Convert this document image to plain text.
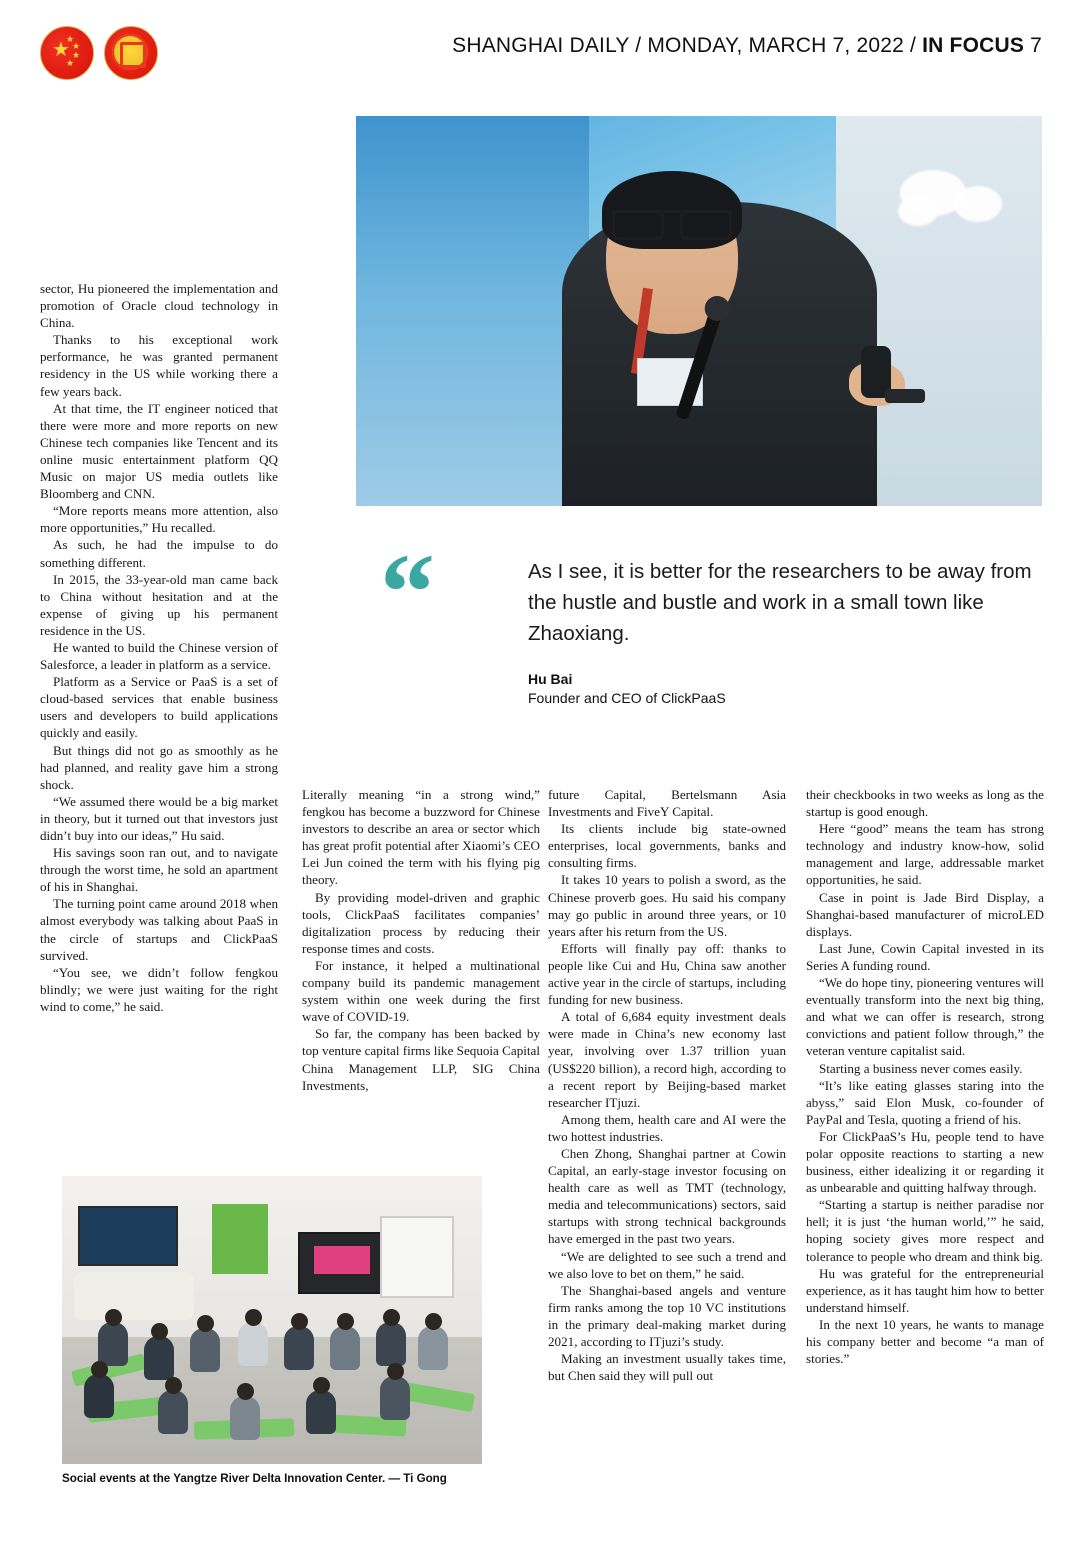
★
★
★
★
★
SHANGHAI DAILY / MONDAY, MARCH 7, 2022 / IN FOCUS 7
“	As I see, it is better for the researchers to be away from the hustle and bustle and work in a small town like Zhaoxiang.
Hu Bai
Founder and CEO of ClickPaaS

sector, Hu pioneered the implementation and promotion of Oracle cloud technology in China.

Thanks to his exceptional work performance, he was granted permanent residency in the US while working there a few years back.

At that time, the IT engineer noticed that there were more and more reports on new Chinese tech companies like Tencent and its online music entertainment platform QQ Music on major US media outlets like Bloomberg and CNN.

“More reports means more attention, also more opportunities,” Hu recalled.

As such, he had the impulse to do something different.

In 2015, the 33-year-old man came back to China without hesitation and at the expense of giving up his permanent residence in the US.

He wanted to build the Chinese version of Salesforce, a leader in platform as a service.

Platform as a Service or PaaS is a set of cloud-based services that enable business users and developers to build applications quickly and easily.

But things did not go as smoothly as he had planned, and reality gave him a strong shock.

“We assumed there would be a big market in theory, but it turned out that investors just didn’t buy into our ideas,” Hu said.

His savings soon ran out, and to navigate through the worst time, he sold an apartment of his in Shanghai.

The turning point came around 2018 when almost everybody was talking about PaaS in the circle of startups and ClickPaaS survived.

“You see, we didn’t follow fengkou blindly; we were just waiting for the right wind to come,” he said.

Literally meaning “in a strong wind,” fengkou has become a buzzword for Chinese investors to describe an area or sector which has great profit potential after Xiaomi’s CEO Lei Jun coined the term with his flying pig theory.

By providing model-driven and graphic tools, ClickPaaS facilitates companies’ digitalization process by reducing their response times and costs.

For instance, it helped a multinational company build its pandemic management system within one week during the first wave of COVID-19.

So far, the company has been backed by top venture capital firms like Sequoia Capital China Management LLP, SIG China Investments,

future Capital, Bertelsmann Asia Investments and FiveY Capital.

Its clients include big state-owned enterprises, local governments, banks and consulting firms.

It takes 10 years to polish a sword, as the Chinese proverb goes. Hu said his company may go public in around three years, or 10 years after his return from the US.

Efforts will finally pay off: thanks to people like Cui and Hu, China saw another active year in the circle of startups, including funding for new business.

A total of 6,684 equity investment deals were made in China’s new economy last year, involving over 1.37 trillion yuan (US$220 billion), a record high, according to a recent report by Beijing-based market researcher ITjuzi.

Among them, health care and AI were the two hottest industries.

Chen Zhong, Shanghai partner at Cowin Capital, an early-stage investor focusing on health care as well as TMT (technology, media and telecommunications) sectors, said startups with strong technical backgrounds have emerged in the past two years.

“We are delighted to see such a trend and we also love to bet on them,” he said.

The Shanghai-based angels and venture firm ranks among the top 10 VC institutions in the primary deal-making market during 2021, according to ITjuzi’s study.

Making an investment usually takes time, but Chen said they will pull out

their checkbooks in two weeks as long as the startup is good enough.

Here “good” means the team has strong technology and industry know-how, solid management and large, addressable market opportunities, he said.

Case in point is Jade Bird Display, a Shanghai-based manufacturer of microLED displays.

Last June, Cowin Capital invested in its Series A funding round.

“We do hope tiny, pioneering ventures will eventually transform into the next big thing, and what we can offer is research, strong convictions and patient follow through,” the veteran venture capitalist said.

Starting a business never comes easily.

“It’s like eating glasses staring into the abyss,” said Elon Musk, co-founder of PayPal and Tesla, quoting a friend of his.

For ClickPaaS’s Hu, people tend to have polar opposite reactions to starting a new business, either idealizing it or regarding it as unbearable and quitting halfway through.

“Starting a startup is neither paradise nor hell; it is just ‘the human world,’” he said, hoping society gives more respect and tolerance to people who dream and think big.

Hu was grateful for the entrepreneurial experience, as it has taught him how to better understand himself.

In the next 10 years, he wants to manage his company better and become “a man of stories.”

Social events at the Yangtze River Delta Innovation Center. — Ti Gong
